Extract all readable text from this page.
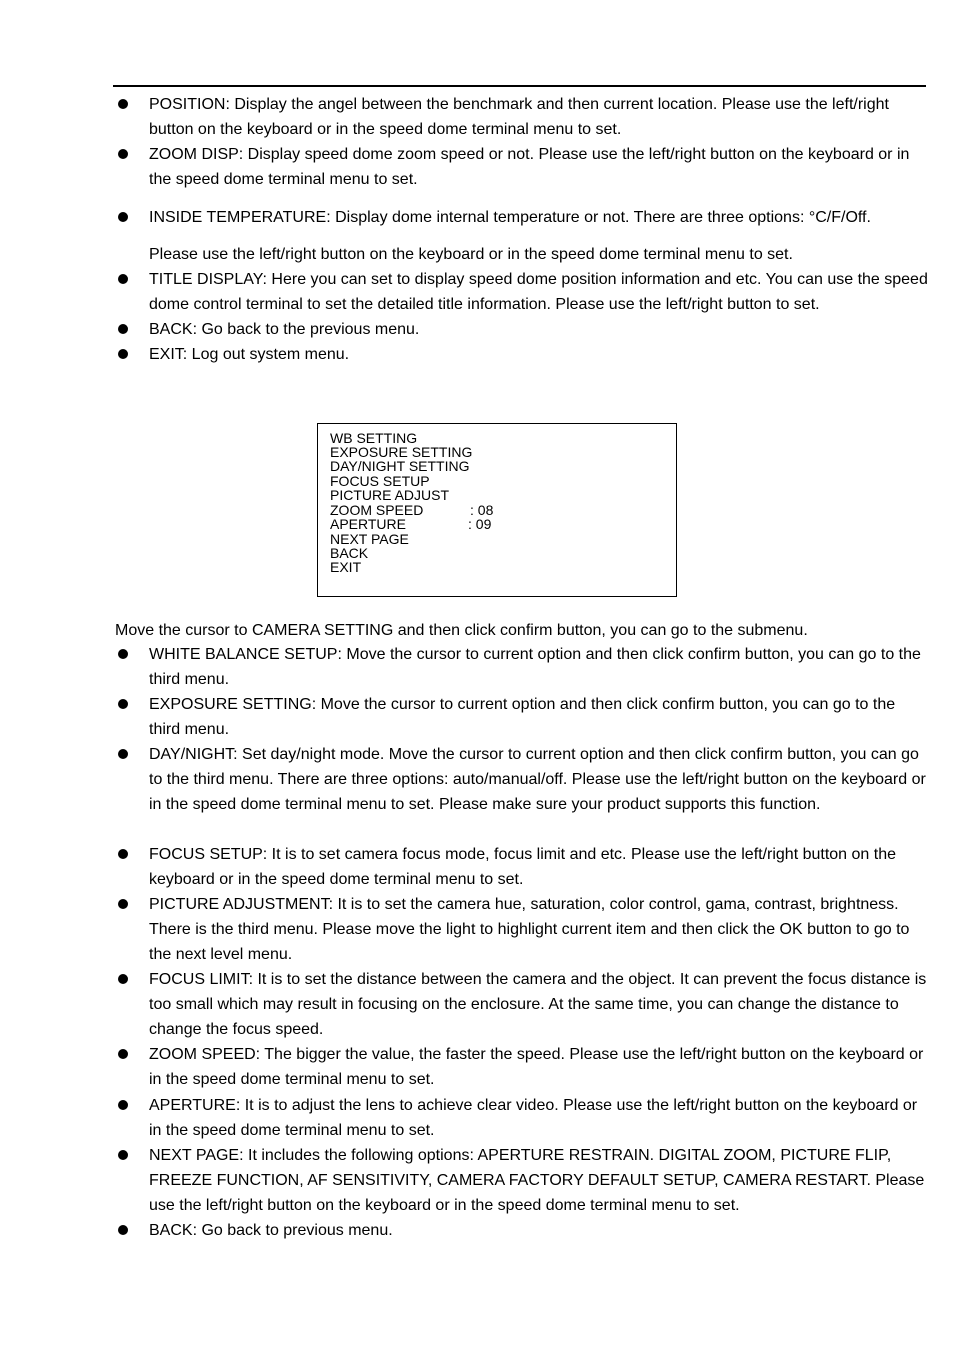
POSITION: Display the angel between the benchmark and then current location. Please use the left/right button on the keyboard or in the speed dome terminal menu to set.
ZOOM DISP: Display speed dome zoom speed or not. Please use the left/right button on the keyboard or in the speed dome terminal menu to set.
INSIDE TEMPERATURE: Display dome internal temperature or not. There are three options: °C/F/Off.
Please use the left/right button on the keyboard or in the speed dome terminal menu to set.
TITLE DISPLAY: Here you can set to display speed dome position information and etc. You can use the speed dome control terminal to set the detailed title information. Please use the left/right button to set.
BACK: Go back to the previous menu.
EXIT: Log out system menu.
WB SETTING
EXPOSURE SETTING
DAY/NIGHT SETTING
FOCUS SETUP
PICTURE ADJUST
ZOOM SPEED	: 08
APERTURE	: 09
NEXT PAGE
BACK
EXIT
Move the cursor to CAMERA SETTING and then click confirm button, you can go to the submenu.
WHITE BALANCE SETUP: Move the cursor to current option and then click confirm button, you can go to the third menu.
EXPOSURE SETTING: Move the cursor to current option and then click confirm button, you can go to the third menu.
DAY/NIGHT: Set day/night mode. Move the cursor to current option and then click confirm button, you can go to the third menu. There are three options: auto/manual/off. Please use the left/right button on the keyboard or in the speed dome terminal menu to set. Please make sure your product supports this function.
FOCUS SETUP: It is to set camera focus mode, focus limit and etc. Please use the left/right button on the keyboard or in the speed dome terminal menu to set.
PICTURE ADJUSTMENT: It is to set the camera hue, saturation, color control, gama, contrast, brightness. There is the third menu. Please move the light to highlight current item and then click the OK button to go to the next level menu.
FOCUS LIMIT: It is to set the distance between the camera and the object. It can prevent the focus distance is too small which may result in focusing on the enclosure. At the same time, you can change the distance to change the focus speed.
ZOOM SPEED: The bigger the value, the faster the speed. Please use the left/right button on the keyboard or in the speed dome terminal menu to set.
APERTURE: It is to adjust the lens to achieve clear video. Please use the left/right button on the keyboard or in the speed dome terminal menu to set.
NEXT PAGE: It includes the following options: APERTURE RESTRAIN. DIGITAL ZOOM, PICTURE FLIP, FREEZE FUNCTION, AF SENSITIVITY, CAMERA FACTORY DEFAULT SETUP, CAMERA RESTART. Please use the left/right button on the keyboard or in the speed dome terminal menu to set.
BACK: Go back to previous menu.
